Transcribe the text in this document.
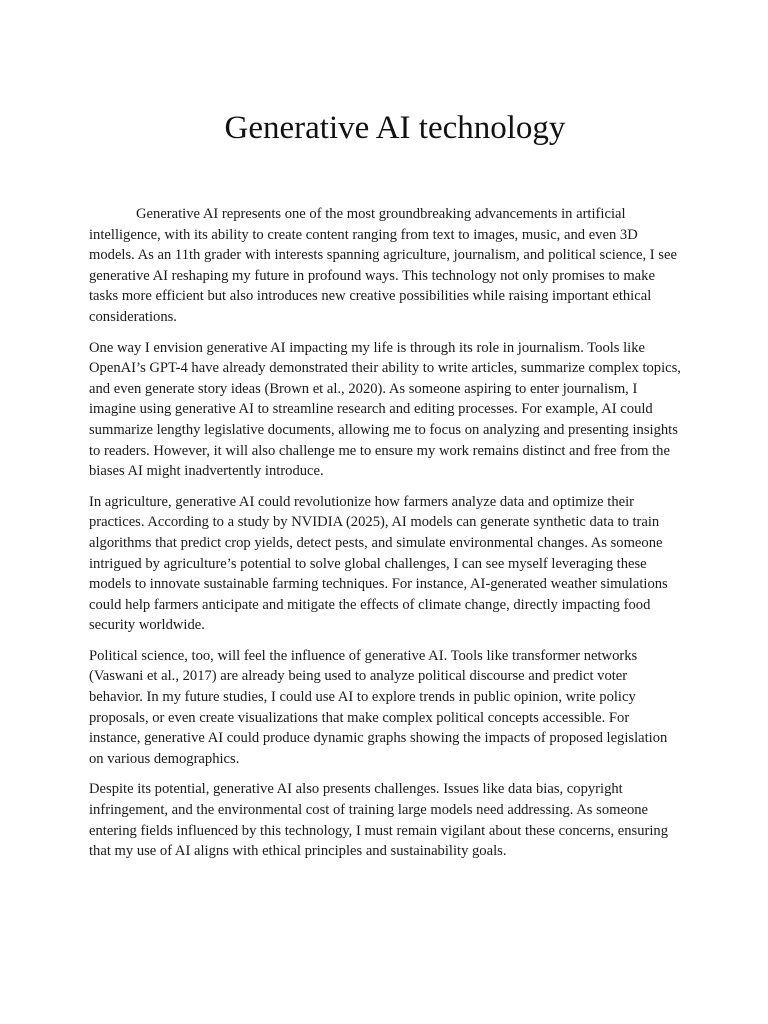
Generative AI technology

Generative AI represents one of the most groundbreaking advancements in artificial intelligence, with its ability to create content ranging from text to images, music, and even 3D models. As an 11th grader with interests spanning agriculture, journalism, and political science, I see generative AI reshaping my future in profound ways. This technology not only promises to make tasks more efficient but also introduces new creative possibilities while raising important ethical considerations.

One way I envision generative AI impacting my life is through its role in journalism. Tools like OpenAI’s GPT-4 have already demonstrated their ability to write articles, summarize complex topics, and even generate story ideas (Brown et al., 2020). As someone aspiring to enter journalism, I imagine using generative AI to streamline research and editing processes. For example, AI could summarize lengthy legislative documents, allowing me to focus on analyzing and presenting insights to readers. However, it will also challenge me to ensure my work remains distinct and free from the biases AI might inadvertently introduce.

In agriculture, generative AI could revolutionize how farmers analyze data and optimize their practices. According to a study by NVIDIA (2025), AI models can generate synthetic data to train algorithms that predict crop yields, detect pests, and simulate environmental changes. As someone intrigued by agriculture’s potential to solve global challenges, I can see myself leveraging these models to innovate sustainable farming techniques. For instance, AI-generated weather simulations could help farmers anticipate and mitigate the effects of climate change, directly impacting food security worldwide.

Political science, too, will feel the influence of generative AI. Tools like transformer networks (Vaswani et al., 2017) are already being used to analyze political discourse and predict voter behavior. In my future studies, I could use AI to explore trends in public opinion, write policy proposals, or even create visualizations that make complex political concepts accessible. For instance, generative AI could produce dynamic graphs showing the impacts of proposed legislation on various demographics.

Despite its potential, generative AI also presents challenges. Issues like data bias, copyright infringement, and the environmental cost of training large models need addressing. As someone entering fields influenced by this technology, I must remain vigilant about these concerns, ensuring that my use of AI aligns with ethical principles and sustainability goals.
